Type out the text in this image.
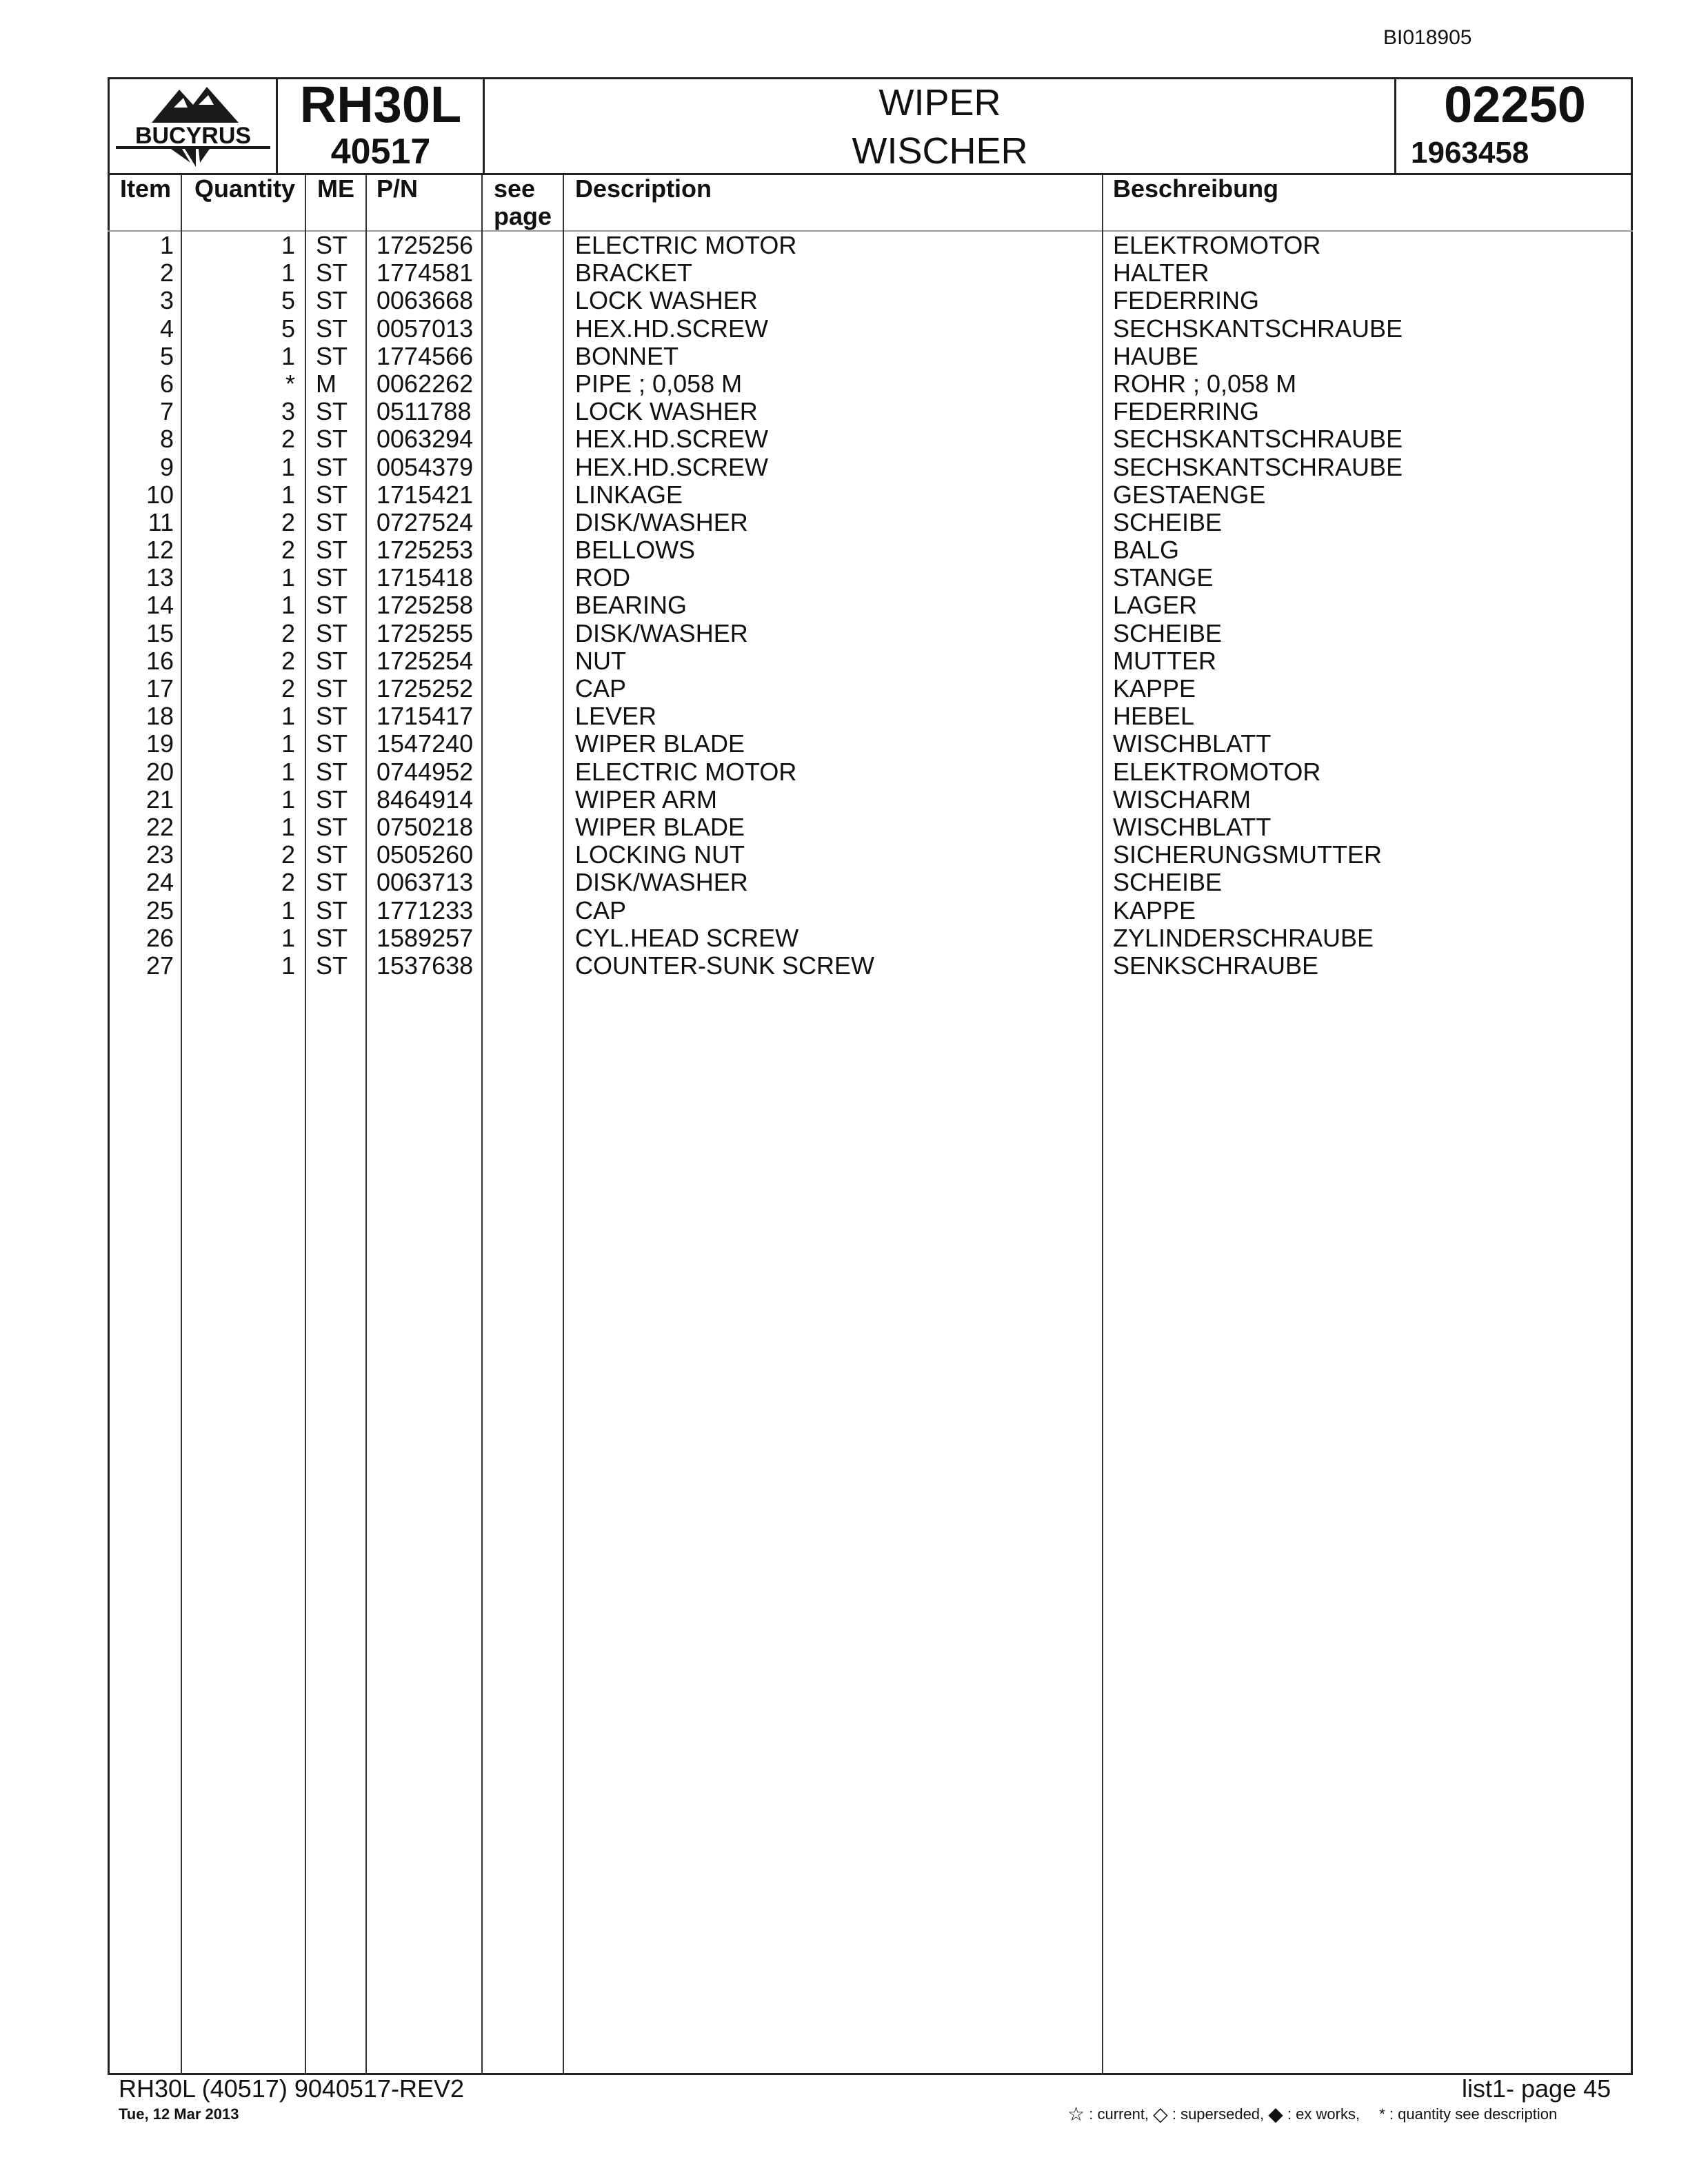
BI018905
BUCYRUS
RH30L
40517
WIPER
WISCHER
02250
1963458
Item Quantity ME P/N	see
page
Description	Beschreibung
1	1 ST 1725256	ELECTRIC MOTOR	ELEKTROMOTOR
2	1 ST 1774581	BRACKET	HALTER
3	5 ST 0063668	LOCK WASHER	FEDERRING
4	5 ST 0057013	HEX.HD.SCREW	SECHSKANTSCHRAUBE
5	1 ST 1774566	BONNET	HAUBE
6	* M 0062262	PIPE ; 0,058 M	ROHR ; 0,058 M
7	3 ST 0511788	LOCK WASHER	FEDERRING
8	2 ST 0063294	HEX.HD.SCREW	SECHSKANTSCHRAUBE
9	1 ST 0054379	HEX.HD.SCREW	SECHSKANTSCHRAUBE
10	1 ST 1715421	LINKAGE	GESTAENGE
11	2 ST 0727524	DISK/WASHER	SCHEIBE
12	2 ST 1725253	BELLOWS	BALG
13	1 ST 1715418	ROD	STANGE
14	1 ST 1725258	BEARING	LAGER
15	2 ST 1725255	DISK/WASHER	SCHEIBE
16	2 ST 1725254	NUT	MUTTER
17	2 ST 1725252	CAP	KAPPE
18	1 ST 1715417	LEVER	HEBEL
19	1 ST 1547240	WIPER BLADE	WISCHBLATT
20	1 ST 0744952	ELECTRIC MOTOR	ELEKTROMOTOR
21	1 ST 8464914	WIPER ARM	WISCHARM
22	1 ST 0750218	WIPER BLADE	WISCHBLATT
23	2 ST 0505260	LOCKING NUT	SICHERUNGSMUTTER
24	2 ST 0063713	DISK/WASHER	SCHEIBE
25	1 ST 1771233	CAP	KAPPE
26	1 ST 1589257	CYL.HEAD SCREW	ZYLINDERSCHRAUBE
27	1 ST 1537638	COUNTER-SUNK SCREW	SENKSCHRAUBE
RH30L (40517) 9040517-REV2
Tue, 12 Mar 2013
list1- page 45
☆ : current, ◇ : superseded, ◆ : ex works, * : quantity see description
